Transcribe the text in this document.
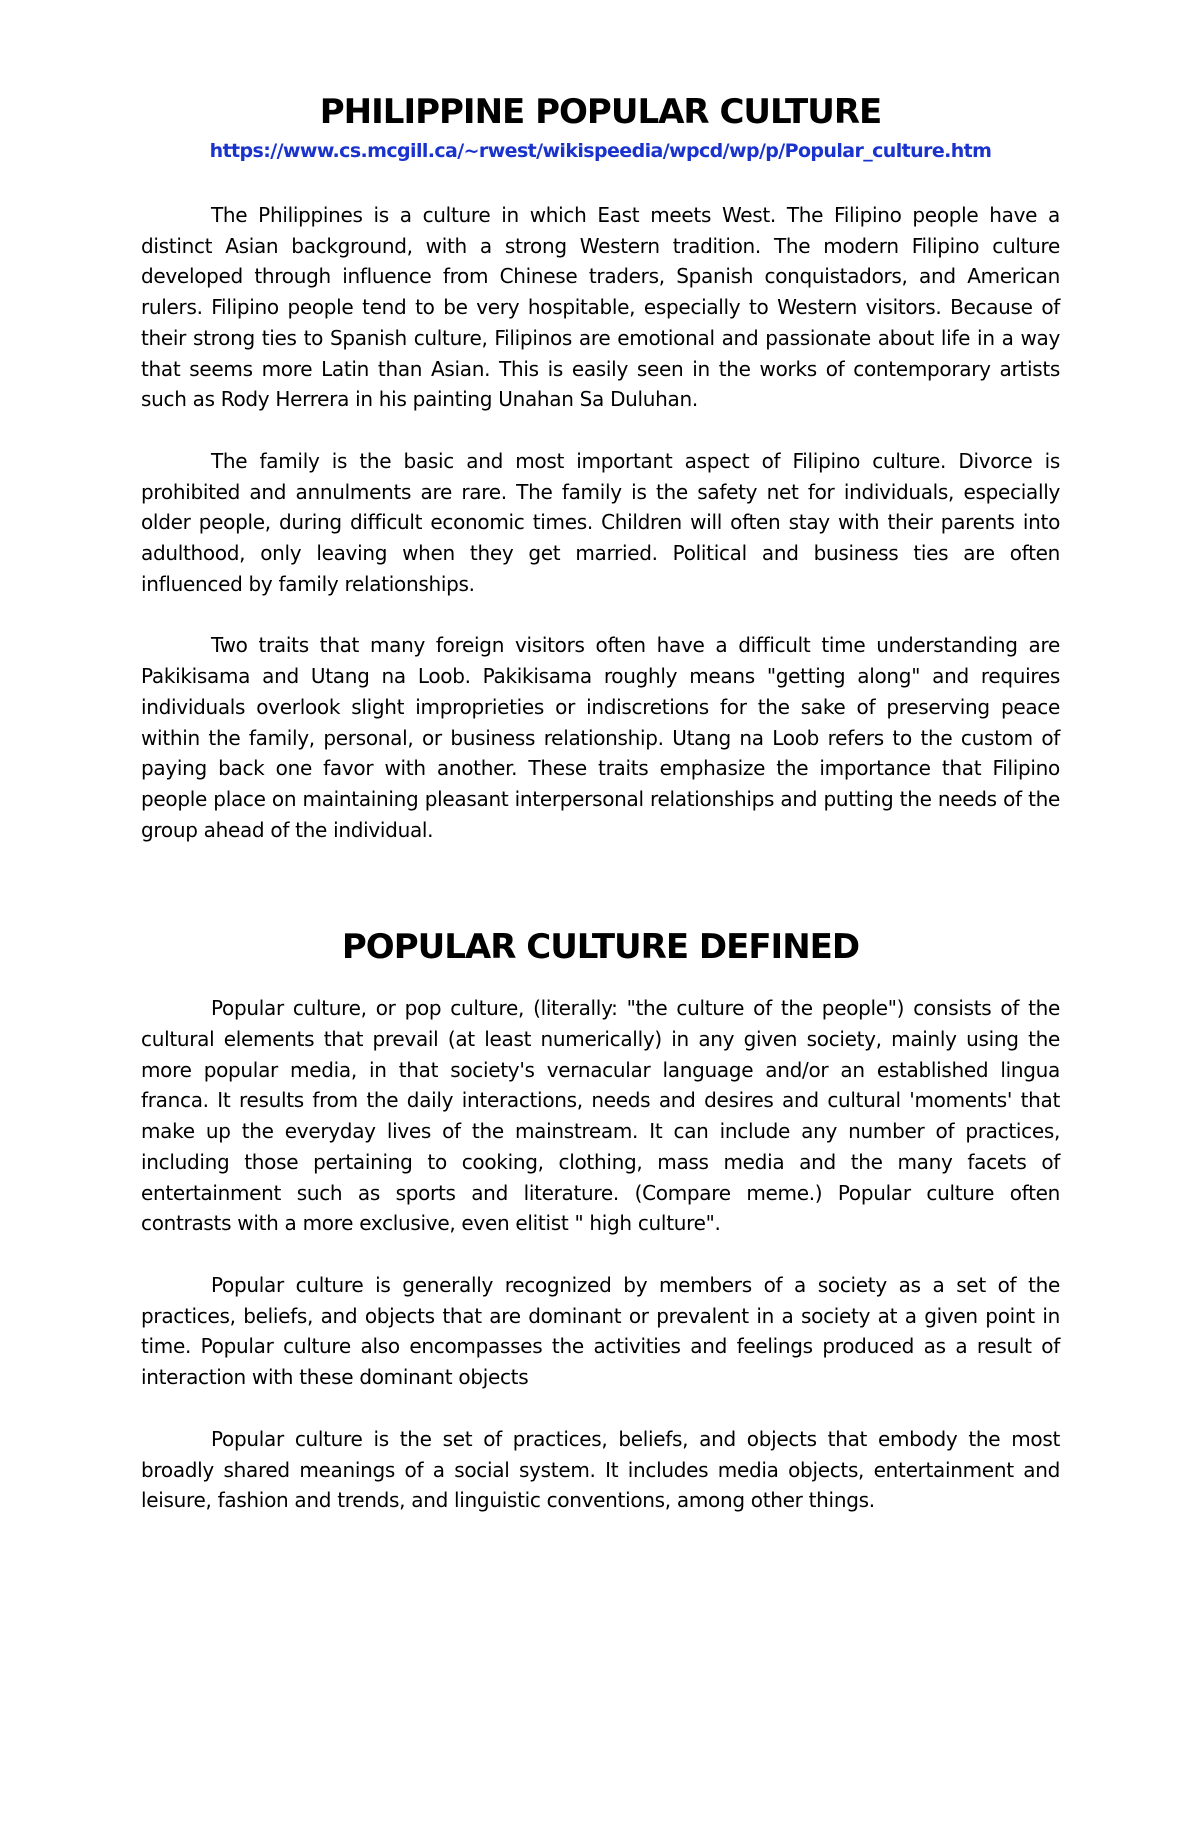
PHILIPPINE POPULAR CULTURE
https://www.cs.mcgill.ca/~rwest/wikispeedia/wpcd/wp/p/Popular_culture.htm

The Philippines is a culture in which East meets West. The Filipino people have a distinct Asian background, with a strong Western tradition. The modern Filipino culture developed through influence from Chinese traders, Spanish conquistadors, and American rulers. Filipino people tend to be very hospitable, especially to Western visitors. Because of their strong ties to Spanish culture, Filipinos are emotional and passionate about life in a way that seems more Latin than Asian. This is easily seen in the works of contemporary artists such as Rody Herrera in his painting Unahan Sa Duluhan.

The family is the basic and most important aspect of Filipino culture. Divorce is prohibited and annulments are rare. The family is the safety net for individuals, especially older people, during difficult economic times. Children will often stay with their parents into adulthood, only leaving when they get married. Political and business ties are often influenced by family relationships.

Two traits that many foreign visitors often have a difficult time understanding are Pakikisama and Utang na Loob. Pakikisama roughly means "getting along" and requires individuals overlook slight improprieties or indiscretions for the sake of preserving peace within the family, personal, or business relationship. Utang na Loob refers to the custom of paying back one favor with another. These traits emphasize the importance that Filipino people place on maintaining pleasant interpersonal relationships and putting the needs of the group ahead of the individual.

POPULAR CULTURE DEFINED

Popular culture, or pop culture, (literally: "the culture of the people") consists of the cultural elements that prevail (at least numerically) in any given society, mainly using the more popular media, in that society's vernacular language and/or an established lingua franca. It results from the daily interactions, needs and desires and cultural 'moments' that make up the everyday lives of the mainstream. It can include any number of practices, including those pertaining to cooking, clothing, mass media and the many facets of entertainment such as sports and literature. (Compare meme.) Popular culture often contrasts with a more exclusive, even elitist " high culture".

Popular culture is generally recognized by members of a society as a set of the practices, beliefs, and objects that are dominant or prevalent in a society at a given point in time. Popular culture also encompasses the activities and feelings produced as a result of interaction with these dominant objects

Popular culture is the set of practices, beliefs, and objects that embody the most broadly shared meanings of a social system. It includes media objects, entertainment and leisure, fashion and trends, and linguistic conventions, among other things.
